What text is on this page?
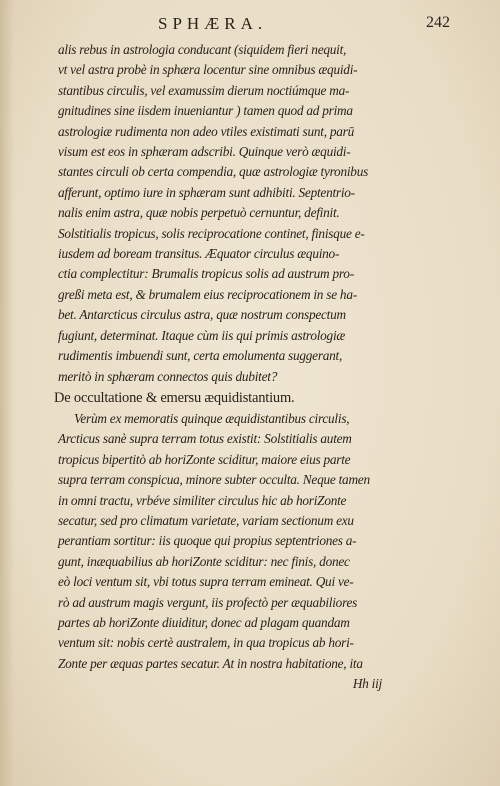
SPHÆRA.	242
alis rebus in astrologia conducant (siquidem fieri nequit,
vt vel astra probè in sphæra locentur sine omnibus æquidi-
stantibus circulis, vel examussim dierum noctiúmque ma-
gnitudines sine iisdem inueniantur ) tamen quod ad prima
astrologiæ rudimenta non adeo vtiles existimati sunt, parū
visum est eos in sphæram adscribi. Quinque verò æquidi-
stantes circuli ob certa compendia, quæ astrologiæ tyronibus
afferunt, optimo iure in sphæram sunt adhibiti. Septentrio-
nalis enim astra, quæ nobis perpetuò cernuntur, definit.
Solstitialis tropicus, solis reciprocatione continet, finisque e-
iusdem ad boream transitus. Æquator circulus æquino-
ctia complectitur: Brumalis tropicus solis ad austrum pro-
greßi meta est, & brumalem eius reciprocationem in se ha-
bet. Antarcticus circulus astra, quæ nostrum conspectum
fugiunt, determinat. Itaque cùm iis qui primis astrologiæ
rudimentis imbuendi sunt, certa emolumenta suggerant,
meritò in sphæram connectos quis dubitet?
De occultatione & emersu æquidistantium.
Verùm ex memoratis quinque æquidistantibus circulis,
Arcticus sanè supra terram totus existit: Solstitialis autem
tropicus bipertitò ab horiZonte sciditur, maiore eius parte
supra terram conspicua, minore subter occulta. Neque tamen
in omni tractu, vrbéve similiter circulus hic ab horiZonte
secatur, sed pro climatum varietate, variam sectionum exu
perantiam sortitur: iis quoque qui propius septentriones a-
gunt, inæquabilius ab horiZonte sciditur: nec finis, donec
eò loci ventum sit, vbi totus supra terram emineat. Qui ve-
rò ad austrum magis vergunt, iis profectò per æquabiliores
partes ab horiZonte diuiditur, donec ad plagam quandam
ventum sit: nobis certè australem, in qua tropicus ab hori-
Zonte per æquas partes secatur. At in nostra habitatione, ita
Hh iij
